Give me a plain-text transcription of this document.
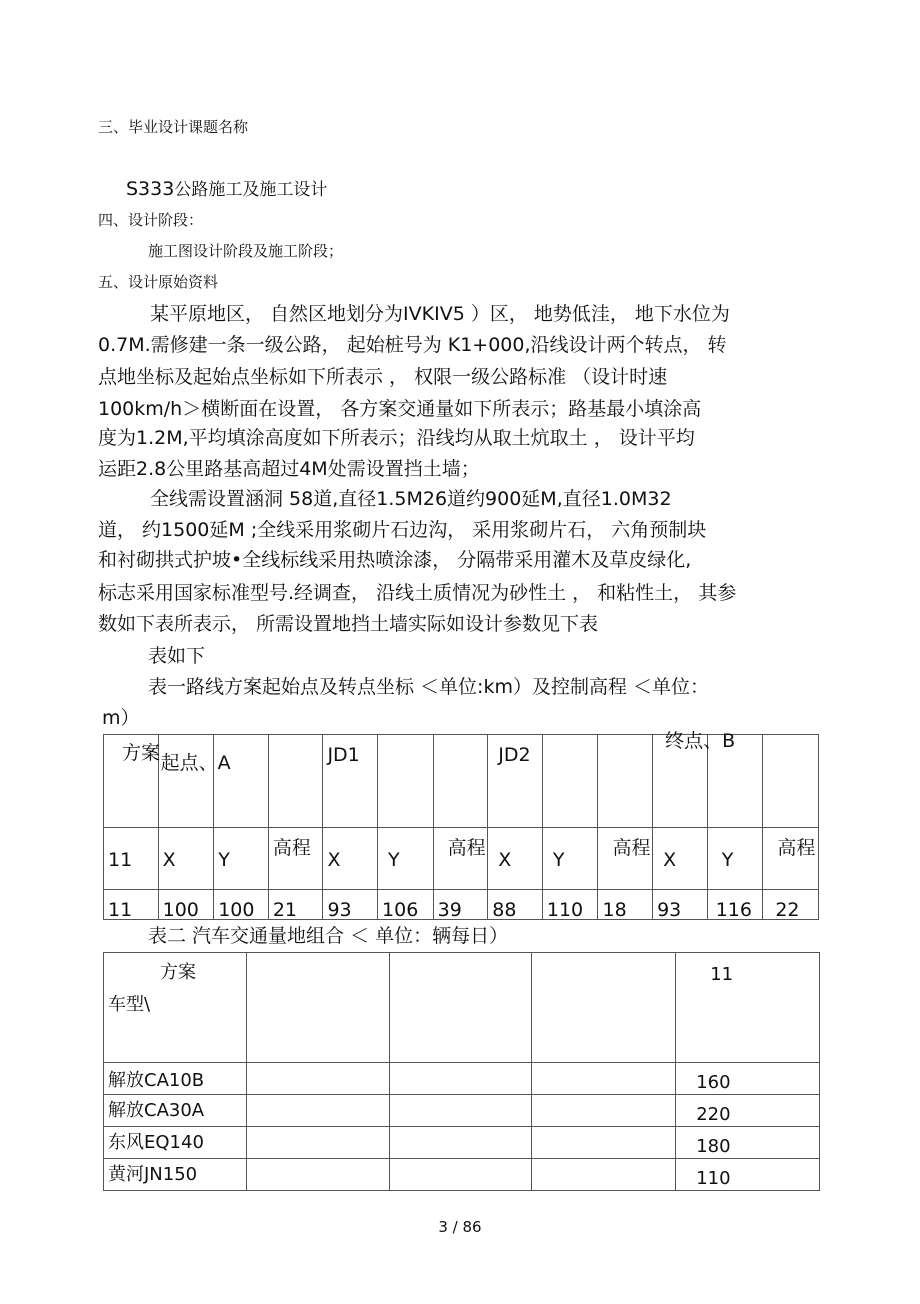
三、毕业设计课题名称
S333公路施工及施工设计
四、设计阶段：
施工图设计阶段及施工阶段；
五、设计原始资料
某平原地区， 自然区地划分为IVKIV5 ）区， 地势低洼， 地下水位为
0.7M.需修建一条一级公路， 起始桩号为 K1+000,沿线设计两个转点， 转
点地坐标及起始点坐标如下所表示 ， 权限一级公路标准 （设计时速
100km/h＞横断面在设置， 各方案交通量如下所表示；路基最小填涂高
度为1.2M,平均填涂高度如下所表示；沿线均从取土炕取土 ， 设计平均
运距2.8公里路基高超过4M处需设置挡土墙；
全线需设置涵洞 58道,直径1.5M26道约900延M,直径1.0M32
道， 约1500延M ;全线采用浆砌片石边沟， 采用浆砌片石， 六角预制块
和衬砌拱式护坡•全线标线采用热喷涂漆， 分隔带采用灌木及草皮绿化,
标志采用国家标准型号.经调查， 沿线土质情况为砂性土 ， 和粘性土， 其参
数如下表所表示， 所需设置地挡土墙实际如设计参数见下表
表如下
表一路线方案起始点及转点坐标 ＜单位:km）及控制高程 ＜单位：
m）
方案	起点、A			JD1			JD2			终点、B		

11	X	Y	高程	X	Y	高程	X	Y	高程	X	Y	高程

11	100	100	21	93	106	39	88	110	18	93	116	22
表二 汽车交通量地组合 ＜ 单位：辆每日）
方案
车型\				11

解放CA10B				160

解放CA30A				220

东风EQ140				180

黄河JN150				110
3 / 86
